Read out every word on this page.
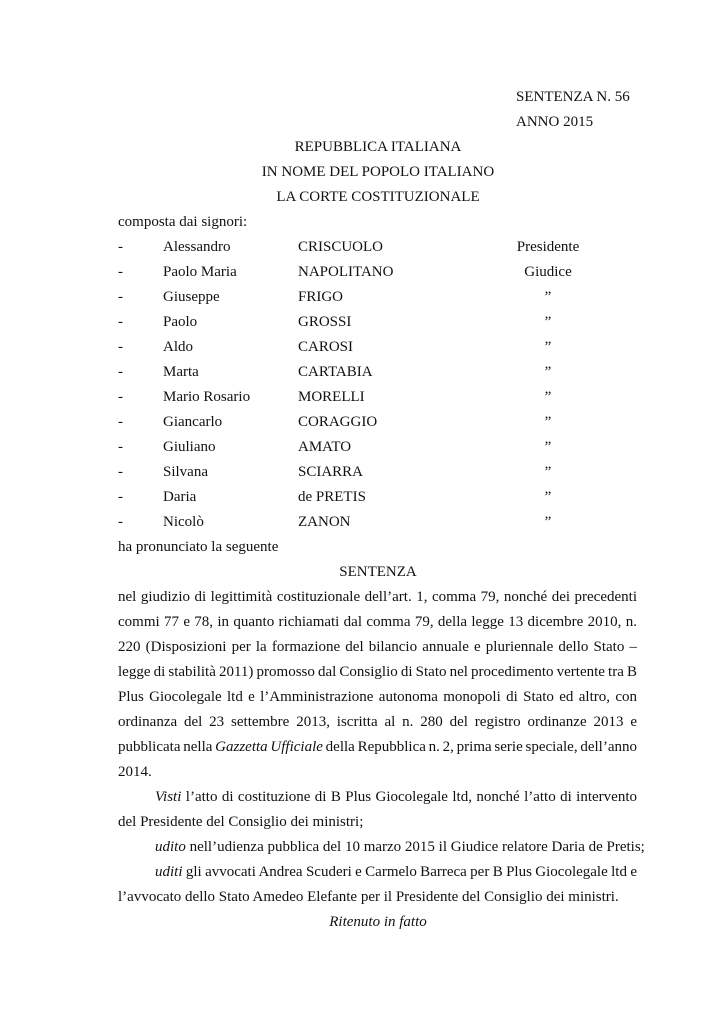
SENTENZA N. 56
ANNO 2015
REPUBBLICA ITALIANA
IN NOME DEL POPOLO ITALIANO
LA CORTE COSTITUZIONALE
composta dai signori:
-	Alessandro	CRISCUOLO	Presidente
-	Paolo Maria	NAPOLITANO	Giudice
-	Giuseppe	FRIGO	”
-	Paolo	GROSSI	”
-	Aldo	CAROSI	”
-	Marta	CARTABIA	”
-	Mario Rosario	MORELLI	”
-	Giancarlo	CORAGGIO	”
-	Giuliano	AMATO	”
-	Silvana	SCIARRA	”
-	Daria	de PRETIS	”
-	Nicolò	ZANON	”
ha pronunciato la seguente
SENTENZA
nel giudizio di legittimità costituzionale dell’art. 1, comma 79, nonché dei precedenti
commi 77 e 78, in quanto richiamati dal comma 79, della legge 13 dicembre 2010, n.
220 (Disposizioni per la formazione del bilancio annuale e pluriennale dello Stato –
legge di stabilità 2011) promosso dal Consiglio di Stato nel procedimento vertente tra B
Plus Giocolegale ltd e l’Amministrazione autonoma monopoli di Stato ed altro, con
ordinanza del 23 settembre 2013, iscritta al n. 280 del registro ordinanze 2013 e
pubblicata nella Gazzetta Ufficiale della Repubblica n. 2, prima serie speciale, dell’anno
2014.
Visti l’atto di costituzione di B Plus Giocolegale ltd, nonché l’atto di intervento
del Presidente del Consiglio dei ministri;
udito nell’udienza pubblica del 10 marzo 2015 il Giudice relatore Daria de Pretis;
uditi gli avvocati Andrea Scuderi e Carmelo Barreca per B Plus Giocolegale ltd e
l’avvocato dello Stato Amedeo Elefante per il Presidente del Consiglio dei ministri.
Ritenuto in fatto
